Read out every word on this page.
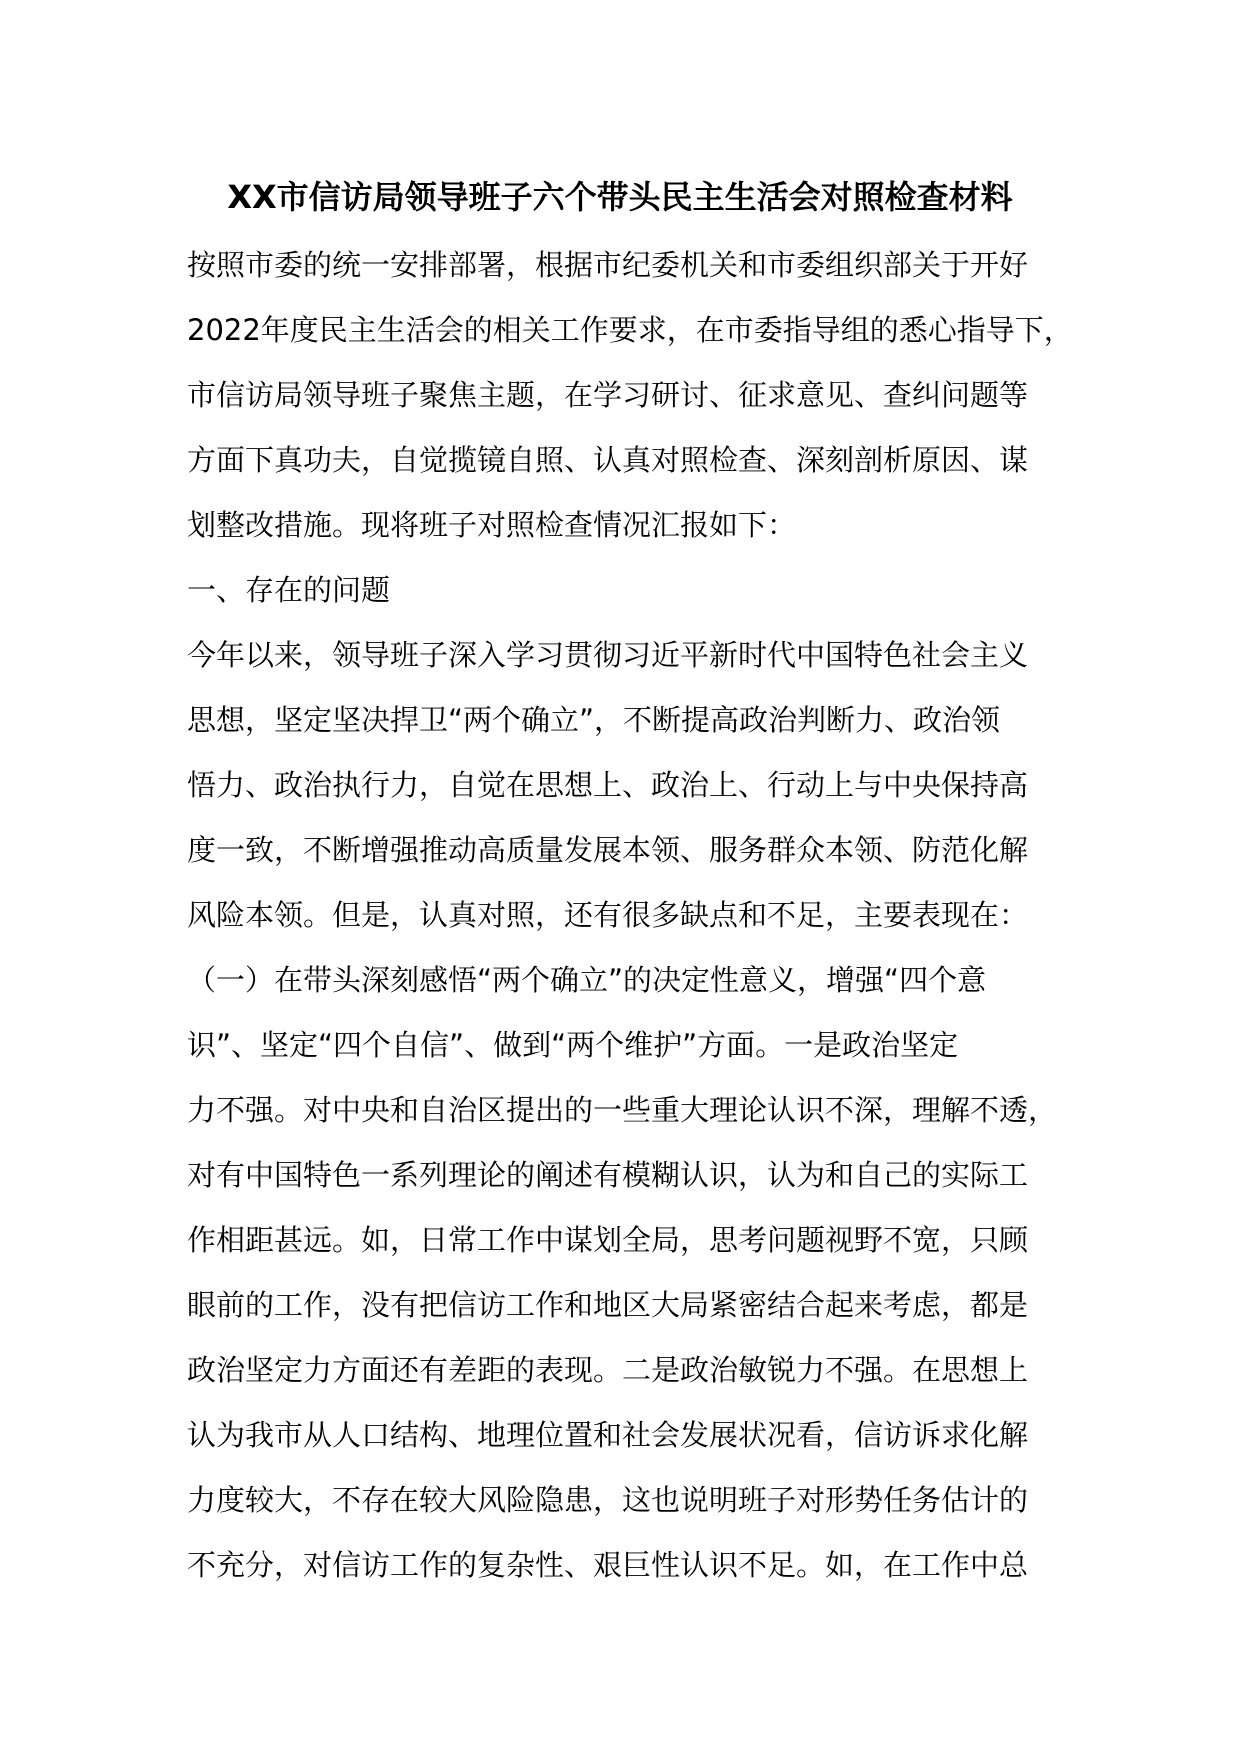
XX市信访局领导班子六个带头民主生活会对照检查材料
按照市委的统一安排部署，根据市纪委机关和市委组织部关于开好
2022年度民主生活会的相关工作要求，在市委指导组的悉心指导下，
市信访局领导班子聚焦主题，在学习研讨、征求意见、查纠问题等
方面下真功夫，自觉揽镜自照、认真对照检查、深刻剖析原因、谋
划整改措施。现将班子对照检查情况汇报如下：
一、存在的问题
今年以来，领导班子深入学习贯彻习近平新时代中国特色社会主义
思想，坚定坚决捍卫“两个确立”，不断提高政治判断力、政治领
悟力、政治执行力，自觉在思想上、政治上、行动上与中央保持高
度一致，不断增强推动高质量发展本领、服务群众本领、防范化解
风险本领。但是，认真对照，还有很多缺点和不足，主要表现在：
（一）在带头深刻感悟“两个确立”的决定性意义，增强“四个意
识”、坚定“四个自信”、做到“两个维护”方面。一是政治坚定
力不强。对中央和自治区提出的一些重大理论认识不深，理解不透，
对有中国特色一系列理论的阐述有模糊认识，认为和自己的实际工
作相距甚远。如，日常工作中谋划全局，思考问题视野不宽，只顾
眼前的工作，没有把信访工作和地区大局紧密结合起来考虑，都是
政治坚定力方面还有差距的表现。二是政治敏锐力不强。在思想上
认为我市从人口结构、地理位置和社会发展状况看，信访诉求化解
力度较大，不存在较大风险隐患，这也说明班子对形势任务估计的
不充分，对信访工作的复杂性、艰巨性认识不足。如，在工作中总
